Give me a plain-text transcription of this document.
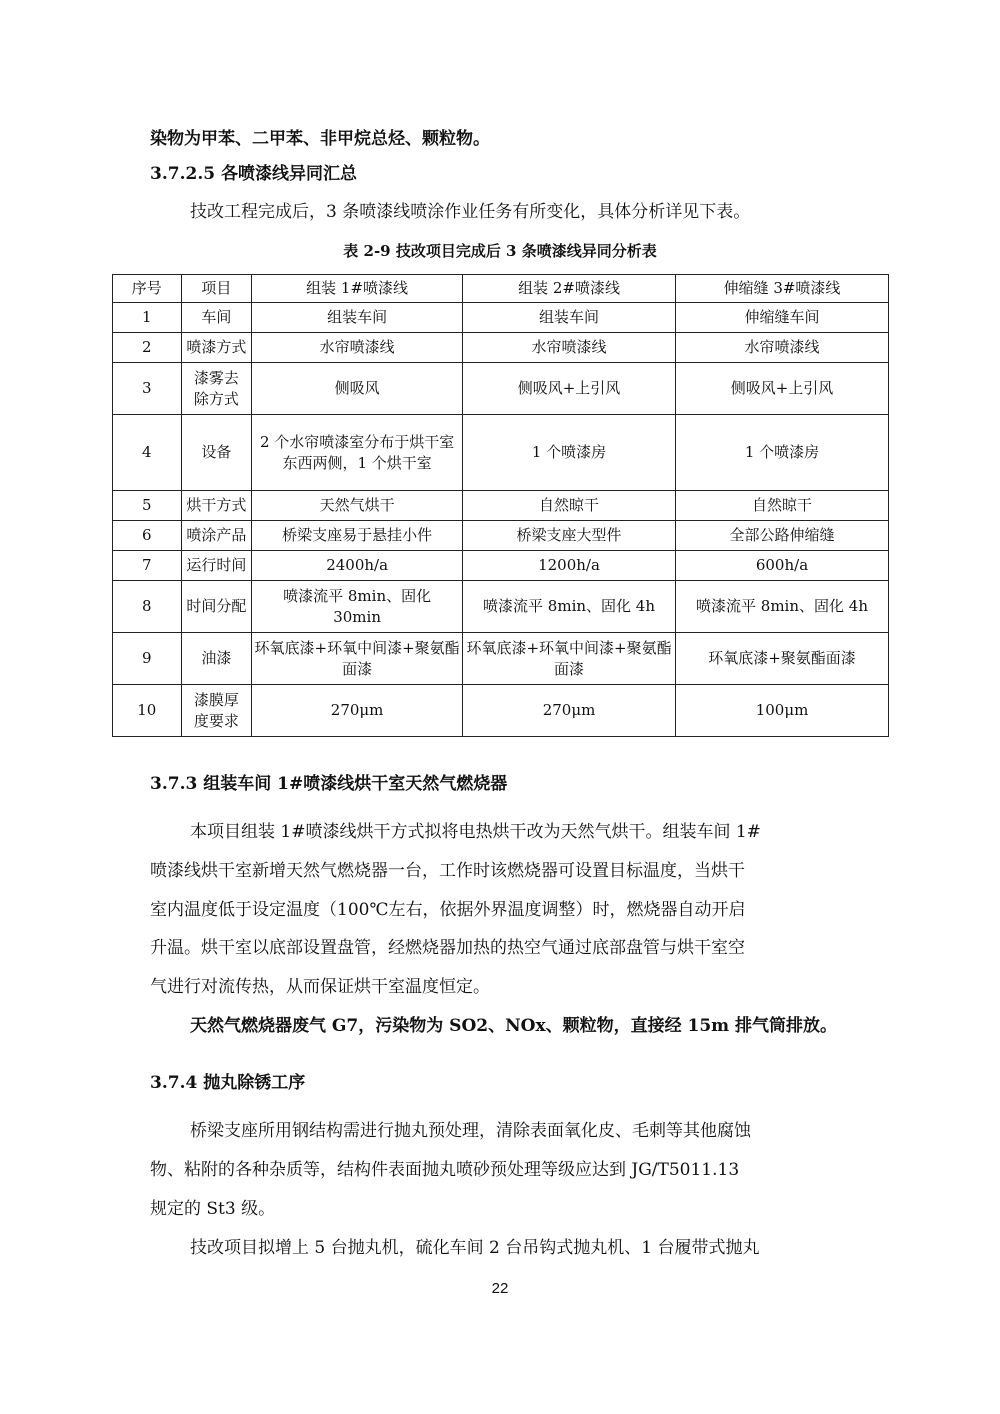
染物为甲苯、二甲苯、非甲烷总烃、颗粒物。
3.7.2.5 各喷漆线异同汇总
技改工程完成后，3 条喷漆线喷涂作业任务有所变化，具体分析详见下表。
表 2-9 技改项目完成后 3 条喷漆线异同分析表
序号	项目	组装 1#喷漆线	组装 2#喷漆线	伸缩缝 3#喷漆线
1	车间	组装车间	组装车间	伸缩缝车间
2	喷漆方式	水帘喷漆线	水帘喷漆线	水帘喷漆线
3	漆雾去除方式	侧吸风	侧吸风+上引风	侧吸风+上引风
4	设备	2 个水帘喷漆室分布于烘干室东西两侧，1 个烘干室	1 个喷漆房	1 个喷漆房
5	烘干方式	天然气烘干	自然晾干	自然晾干
6	喷涂产品	桥梁支座易于悬挂小件	桥梁支座大型件	全部公路伸缩缝
7	运行时间	2400h/a	1200h/a	600h/a
8	时间分配	喷漆流平 8min、固化 30min	喷漆流平 8min、固化 4h	喷漆流平 8min、固化 4h
9	油漆	环氧底漆+环氧中间漆+聚氨酯面漆	环氧底漆+环氧中间漆+聚氨酯面漆	环氧底漆+聚氨酯面漆
10	漆膜厚度要求	270μm	270μm	100μm
3.7.3 组装车间 1#喷漆线烘干室天然气燃烧器
本项目组装 1#喷漆线烘干方式拟将电热烘干改为天然气烘干。组装车间 1#
喷漆线烘干室新增天然气燃烧器一台，工作时该燃烧器可设置目标温度，当烘干
室内温度低于设定温度（100℃左右，依据外界温度调整）时，燃烧器自动开启
升温。烘干室以底部设置盘管，经燃烧器加热的热空气通过底部盘管与烘干室空
气进行对流传热，从而保证烘干室温度恒定。
天然气燃烧器废气 G7，污染物为 SO2、NOx、颗粒物，直接经 15m 排气筒排放。
3.7.4 抛丸除锈工序
桥梁支座所用钢结构需进行抛丸预处理，清除表面氧化皮、毛刺等其他腐蚀
物、粘附的各种杂质等，结构件表面抛丸喷砂预处理等级应达到 JG/T5011.13
规定的 St3 级。
技改项目拟增上 5 台抛丸机，硫化车间 2 台吊钩式抛丸机、1 台履带式抛丸
22
